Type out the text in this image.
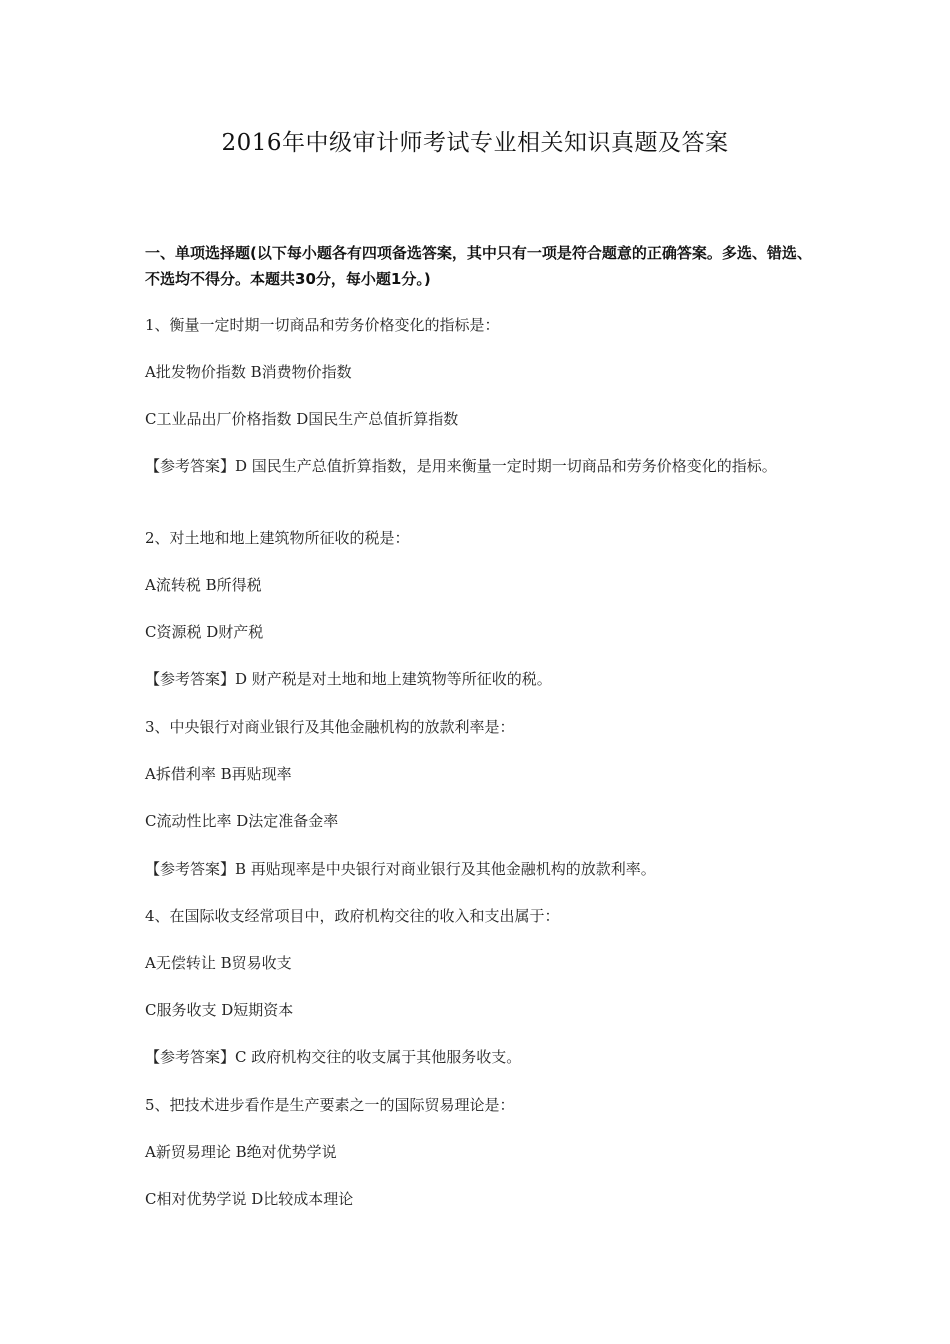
2016年中级审计师考试专业相关知识真题及答案
一、单项选择题(以下每小题各有四项备选答案，其中只有一项是符合题意的正确答案。多选、错选、不选均不得分。本题共30分，每小题1分。)
1、衡量一定时期一切商品和劳务价格变化的指标是：
A批发物价指数 B消费物价指数
C工业品出厂价格指数 D国民生产总值折算指数
【参考答案】D 国民生产总值折算指数，是用来衡量一定时期一切商品和劳务价格变化的指标。
2、对土地和地上建筑物所征收的税是：
A流转税 B所得税
C资源税 D财产税
【参考答案】D 财产税是对土地和地上建筑物等所征收的税。
3、中央银行对商业银行及其他金融机构的放款利率是：
A拆借利率 B再贴现率
C流动性比率 D法定准备金率
【参考答案】B 再贴现率是中央银行对商业银行及其他金融机构的放款利率。
4、在国际收支经常项目中，政府机构交往的收入和支出属于：
A无偿转让 B贸易收支
C服务收支 D短期资本
【参考答案】C 政府机构交往的收支属于其他服务收支。
5、把技术进步看作是生产要素之一的国际贸易理论是：
A新贸易理论 B绝对优势学说
C相对优势学说 D比较成本理论
